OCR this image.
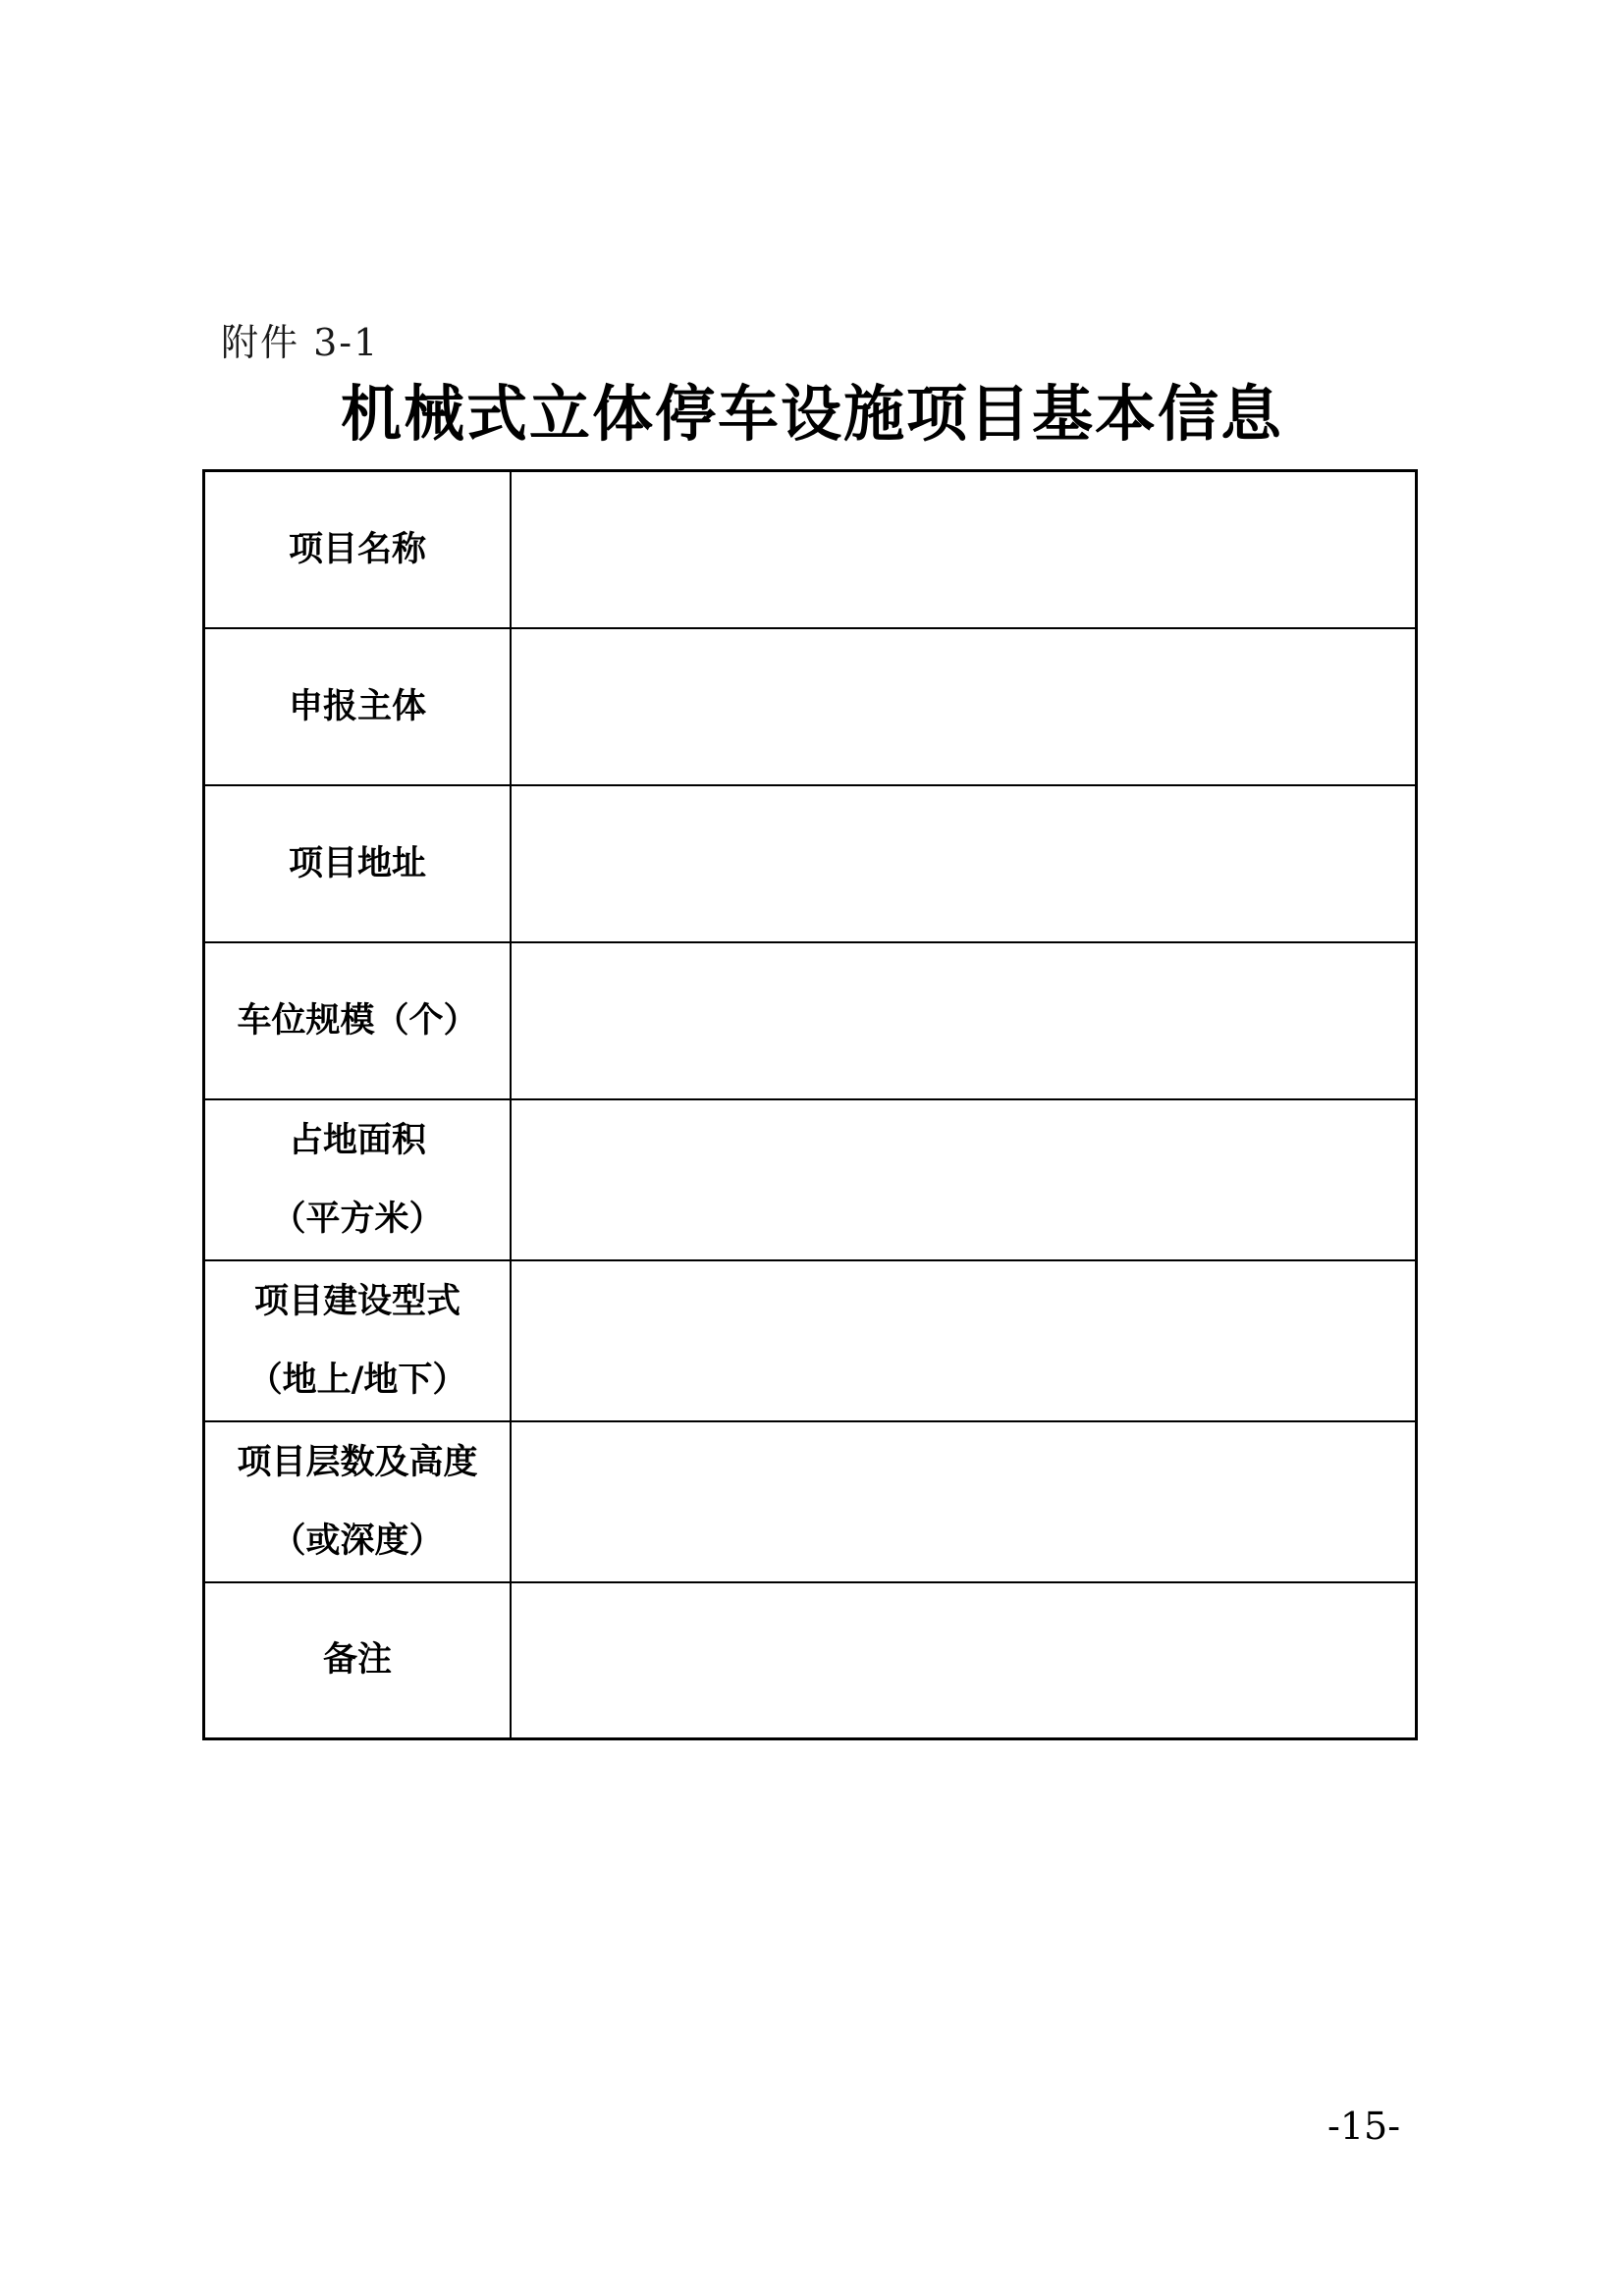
附件 3-1
机械式立体停车设施项目基本信息
项目名称	

申报主体	

项目地址	

车位规模（个）	

占地面积
（平方米）	

项目建设型式
（地上/地下）	

项目层数及高度
（或深度）	

备注	

-15-
